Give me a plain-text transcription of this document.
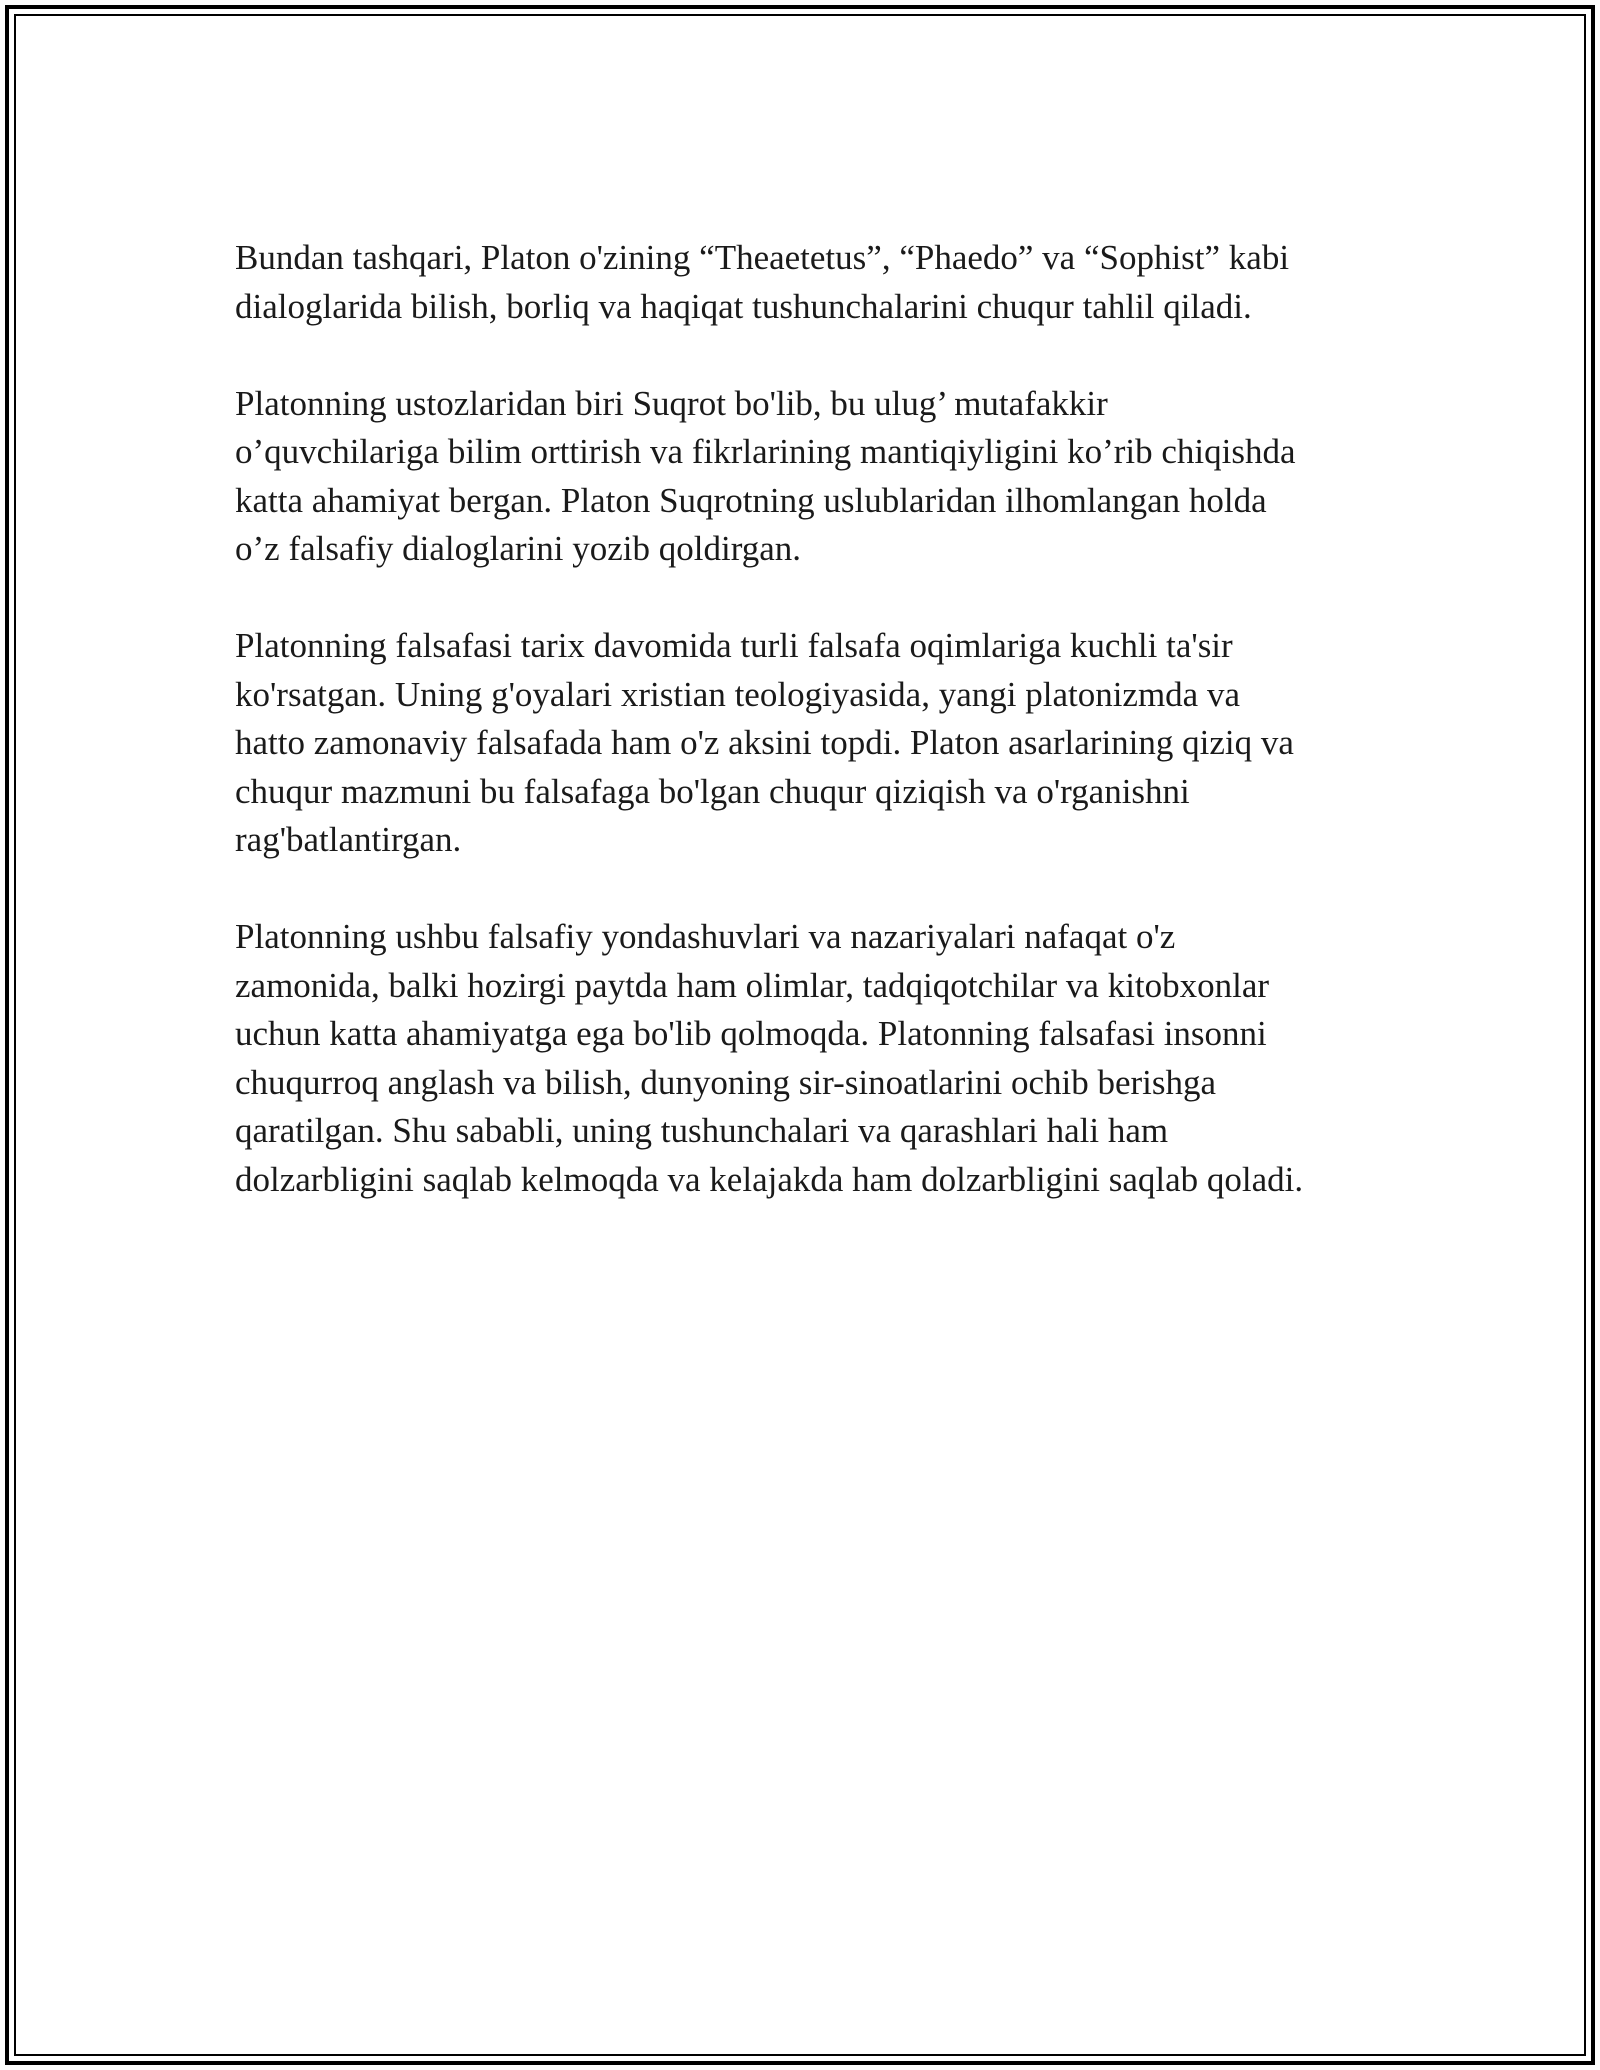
Bundan tashqari, Platon o'zining “Theaetetus”, “Phaedo” va “Sophist” kabi
dialoglarida bilish, borliq va haqiqat tushunchalarini chuqur tahlil qiladi.

Platonning ustozlaridan biri Suqrot bo'lib, bu ulug’ mutafakkir
o’quvchilariga bilim orttirish va fikrlarining mantiqiyligini ko’rib chiqishda
katta ahamiyat bergan. Platon Suqrotning uslublaridan ilhomlangan holda
o’z falsafiy dialoglarini yozib qoldirgan.

Platonning falsafasi tarix davomida turli falsafa oqimlariga kuchli ta'sir
ko'rsatgan. Uning g'oyalari xristian teologiyasida, yangi platonizmda va
hatto zamonaviy falsafada ham o'z aksini topdi. Platon asarlarining qiziq va
chuqur mazmuni bu falsafaga bo'lgan chuqur qiziqish va o'rganishni
rag'batlantirgan.

Platonning ushbu falsafiy yondashuvlari va nazariyalari nafaqat o'z
zamonida, balki hozirgi paytda ham olimlar, tadqiqotchilar va kitobxonlar
uchun katta ahamiyatga ega bo'lib qolmoqda. Platonning falsafasi insonni
chuqurroq anglash va bilish, dunyoning sir-sinoatlarini ochib berishga
qaratilgan. Shu sababli, uning tushunchalari va qarashlari hali ham
dolzarbligini saqlab kelmoqda va kelajakda ham dolzarbligini saqlab qoladi.
